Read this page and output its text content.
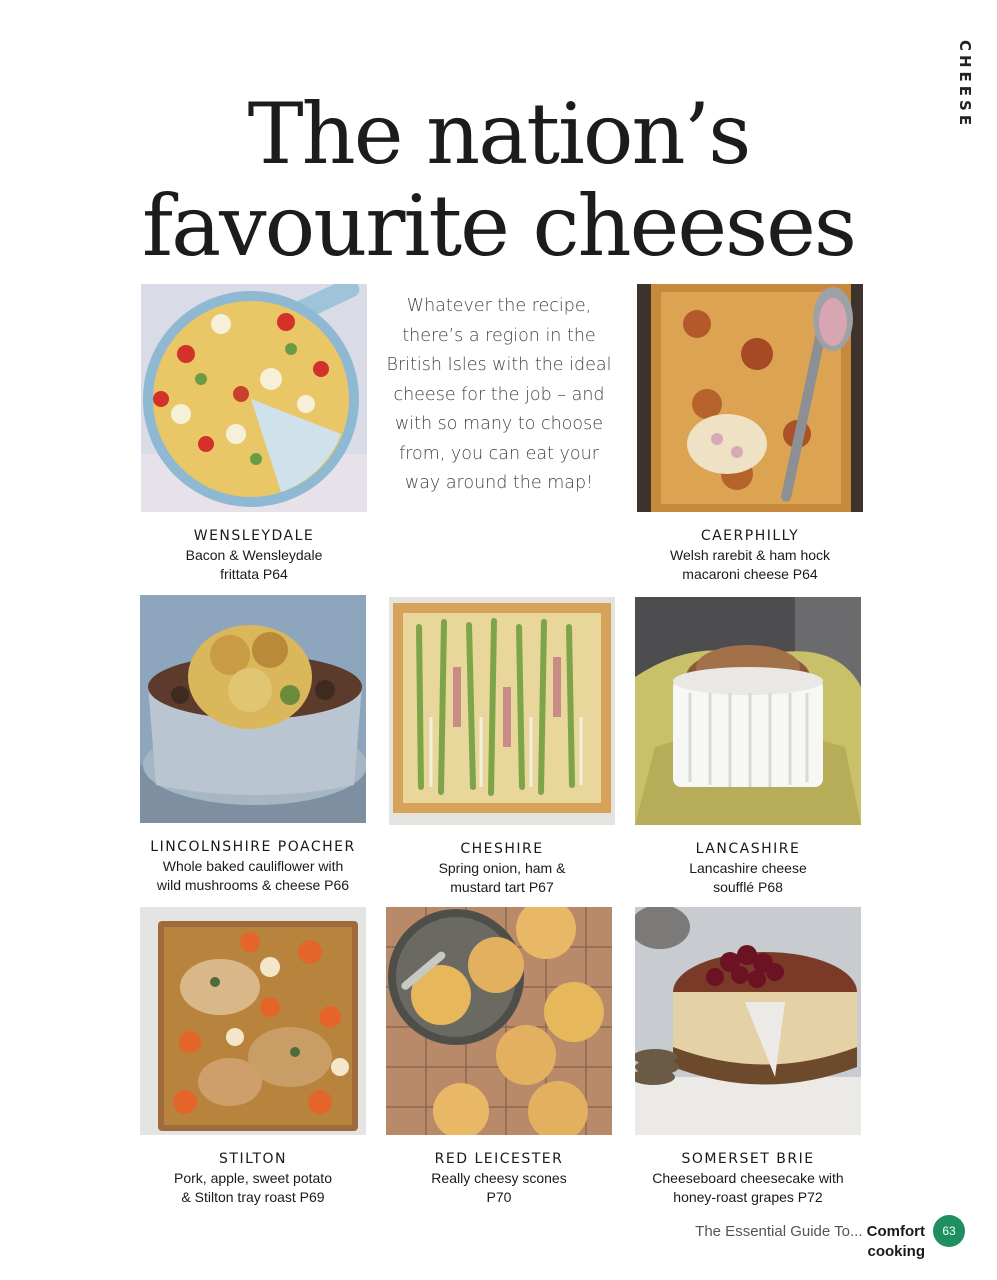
CHEESE
The nation’s
favourite cheeses
Whatever the recipe, there’s a region in the British Isles with the ideal cheese for the job – and with so many to choose from, you can eat your way around the map!
WENSLEYDALE
Bacon & Wensleydale
frittata P64
CAERPHILLY
Welsh rarebit & ham hock
macaroni cheese P64
LINCOLNSHIRE POACHER
Whole baked cauliflower with
wild mushrooms & cheese P66
CHESHIRE
Spring onion, ham &
mustard tart P67
LANCASHIRE
Lancashire cheese
soufflé P68
STILTON
Pork, apple, sweet potato
& Stilton tray roast P69
RED LEICESTER
Really cheesy scones
P70
SOMERSET BRIE
Cheeseboard cheesecake with
honey-roast grapes P72
The Essential Guide To... Comfort cooking
63
